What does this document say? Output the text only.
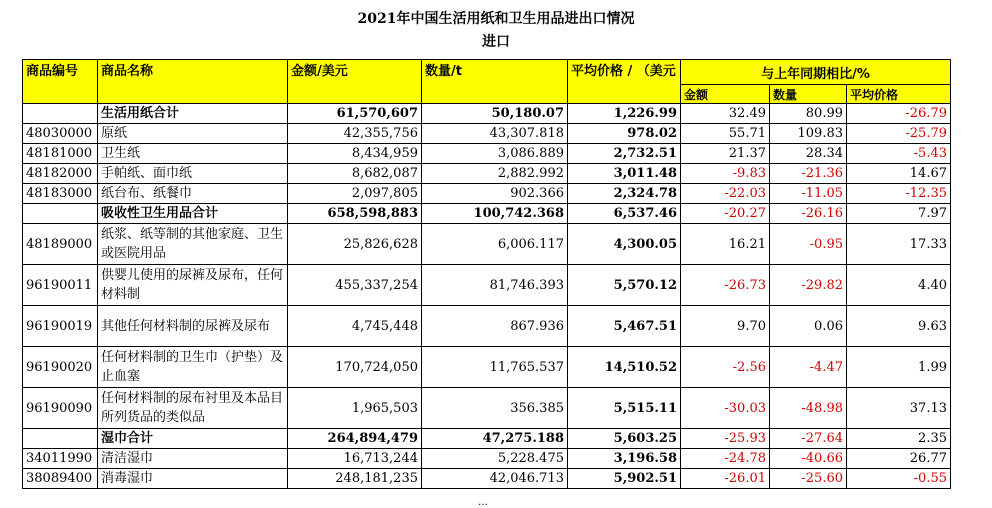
2021年中国生活用纸和卫生用品进出口情况
进口
商品编号	商品名称	金额/美元	数量/t	平均价格 / （美元	与上年同期相比/%		
					金额	数量	平均价格
	生活用纸合计	61,570,607	50,180.07	1,226.99	32.49	80.99	-26.79
48030000	原纸	42,355,756	43,307.818	978.02	55.71	109.83	-25.79
48181000	卫生纸	8,434,959	3,086.889	2,732.51	21.37	28.34	-5.43
48182000	手帕纸、面巾纸	8,682,087	2,882.992	3,011.48	-9.83	-21.36	14.67
48183000	纸台布、纸餐巾	2,097,805	902.366	2,324.78	-22.03	-11.05	-12.35
	吸收性卫生用品合计	658,598,883	100,742.368	6,537.46	-20.27	-26.16	7.97
48189000	纸浆、纸等制的其他家庭、卫生或医院用品	25,826,628	6,006.117	4,300.05	16.21	-0.95	17.33
96190011	供婴儿使用的尿裤及尿布，任何材料制	455,337,254	81,746.393	5,570.12	-26.73	-29.82	4.40
96190019	其他任何材料制的尿裤及尿布	4,745,448	867.936	5,467.51	9.70	0.06	9.63
96190020	任何材料制的卫生巾（护垫）及止血塞	170,724,050	11,765.537	14,510.52	-2.56	-4.47	1.99
96190090	任何材料制的尿布衬里及本品目所列货品的类似品	1,965,503	356.385	5,515.11	-30.03	-48.98	37.13
	湿巾合计	264,894,479	47,275.188	5,603.25	-25.93	-27.64	2.35
34011990	清洁湿巾	16,713,244	5,228.475	3,196.58	-24.78	-40.66	26.77
38089400	消毒湿巾	248,181,235	42,046.713	5,902.51	-26.01	-25.60	-0.55
…
